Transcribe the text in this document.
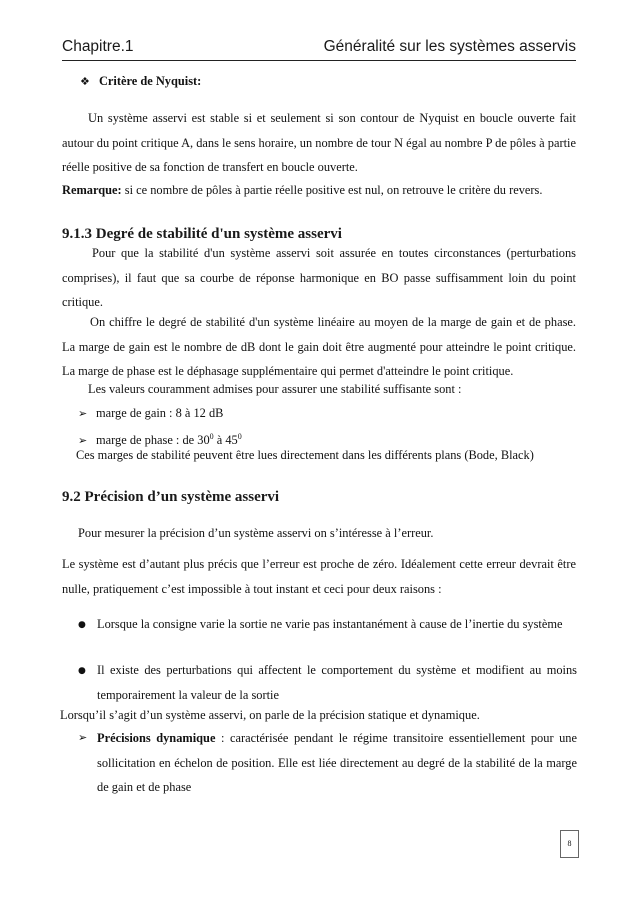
Chapitre.1	Généralité sur les systèmes asservis
❖ Critère de Nyquist:

Un système asservi est stable si et seulement si son contour de Nyquist en boucle ouverte fait autour du point critique A, dans le sens horaire, un nombre de tour N égal au nombre P de pôles à partie réelle positive de sa fonction de transfert en boucle ouverte.

Remarque: si ce nombre de pôles à partie réelle positive est nul, on retrouve le critère du revers.

9.1.3 Degré de stabilité d'un système asservi

Pour que la stabilité d'un système asservi soit assurée en toutes circonstances (perturbations comprises), il faut que sa courbe de réponse harmonique en BO passe suffisamment loin du point critique.

On chiffre le degré de stabilité d'un système linéaire au moyen de la marge de gain et de phase. La marge de gain est le nombre de dB dont le gain doit être augmenté pour atteindre le point critique. La marge de phase est le déphasage supplémentaire qui permet d'atteindre le point critique.

Les valeurs couramment admises pour assurer une stabilité suffisante sont :

➢ marge de gain : 8 à 12 dB
➢ marge de phase : de $30^0$ à $45^0$

Ces marges de stabilité peuvent être lues directement dans les différents plans (Bode, Black)

9.2 Précision d’un système asservi

Pour mesurer la précision d’un système asservi on s’intéresse à l’erreur.

Le système est d’autant plus précis que l’erreur est proche de zéro. Idéalement cette erreur devrait être nulle, pratiquement c’est impossible à tout instant et ceci pour deux raisons :

● Lorsque la consigne varie la sortie ne varie pas instantanément à cause de l’inertie du système

● Il existe des perturbations qui affectent le comportement du système et modifient au moins temporairement la valeur de la sortie

Lorsqu’il s’agit d’un système asservi, on parle de la précision statique et dynamique.

➢ Précisions dynamique : caractérisée pendant le régime transitoire essentiellement pour une sollicitation en échelon de position. Elle est liée directement au degré de la stabilité de la marge de gain et de phase

8
